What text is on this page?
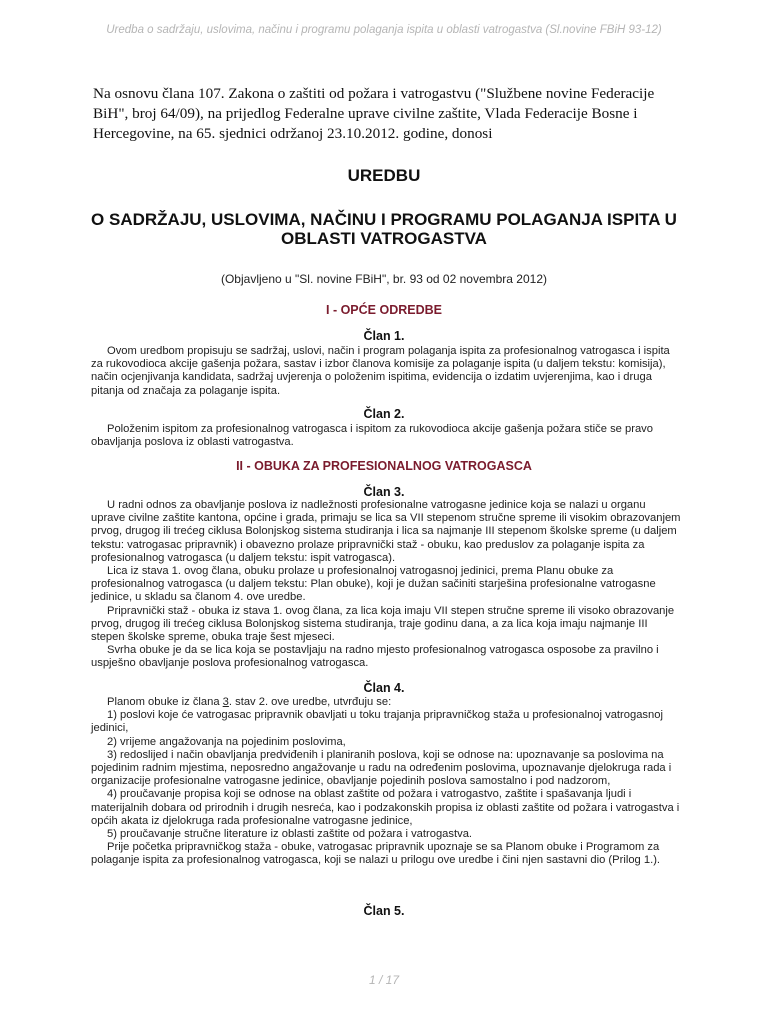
Uredba o sadržaju, uslovima, načinu i programu polaganja ispita u oblasti vatrogastva (Sl.novine FBiH 93-12)
Na osnovu člana 107. Zakona o zaštiti od požara i vatrogastvu ("Službene novine Federacije BiH", broj 64/09), na prijedlog Federalne uprave civilne zaštite, Vlada Federacije Bosne i Hercegovine, na 65. sjednici održanoj 23.10.2012. godine, donosi
UREDBU
O SADRŽAJU, USLOVIMA, NAČINU I PROGRAMU POLAGANJA ISPITA U OBLASTI VATROGASTVA
(Objavljeno u "Sl. novine FBiH", br. 93 od 02 novembra 2012)
I - OPĆE ODREDBE
Član 1.

Ovom uredbom propisuju se sadržaj, uslovi, način i program polaganja ispita za profesionalnog vatrogasca i ispita za rukovodioca akcije gašenja požara, sastav i izbor članova komisije za polaganje ispita (u daljem tekstu: komisija), način ocjenjivanja kandidata, sadržaj uvjerenja o položenim ispitima, evidencija o izdatim uvjerenjima, kao i druga pitanja od značaja za polaganje ispita.

Član 2.

Položenim ispitom za profesionalnog vatrogasca i ispitom za rukovodioca akcije gašenja požara stiče se pravo obavljanja poslova iz oblasti vatrogastva.

II - OBUKA ZA PROFESIONALNOG VATROGASCA
Član 3.

U radni odnos za obavljanje poslova iz nadležnosti profesionalne vatrogasne jedinice koja se nalazi u organu uprave civilne zaštite kantona, općine i grada, primaju se lica sa VII stepenom stručne spreme ili visokim obrazovanjem prvog, drugog ili trećeg ciklusa Bolonjskog sistema studiranja i lica sa najmanje III stepenom školske spreme (u daljem tekstu: vatrogasac pripravnik) i obavezno prolaze pripravnički staž - obuku, kao preduslov za polaganje ispita za profesionalnog vatrogasca (u daljem tekstu: ispit vatrogasca).

Lica iz stava 1. ovog člana, obuku prolaze u profesionalnoj vatrogasnoj jedinici, prema Planu obuke za profesionalnog vatrogasca (u daljem tekstu: Plan obuke), koji je dužan sačiniti starješina profesionalne vatrogasne jedinice, u skladu sa članom 4. ove uredbe.

Pripravnički staž - obuka iz stava 1. ovog člana, za lica koja imaju VII stepen stručne spreme ili visoko obrazovanje prvog, drugog ili trećeg ciklusa Bolonjskog sistema studiranja, traje godinu dana, a za lica koja imaju najmanje III stepen školske spreme, obuka traje šest mjeseci.

Svrha obuke je da se lica koja se postavljaju na radno mjesto profesionalnog vatrogasca osposobe za pravilno i uspješno obavljanje poslova profesionalnog vatrogasca.

Član 4.

Planom obuke iz člana 3. stav 2. ove uredbe, utvrđuju se:

1) poslovi koje će vatrogasac pripravnik obavljati u toku trajanja pripravničkog staža u profesionalnoj vatrogasnoj jedinici,

2) vrijeme angažovanja na pojedinim poslovima,

3) redoslijed i način obavljanja predviđenih i planiranih poslova, koji se odnose na: upoznavanje sa poslovima na pojedinim radnim mjestima, neposredno angažovanje u radu na određenim poslovima, upoznavanje djelokruga rada i organizacije profesionalne vatrogasne jedinice, obavljanje pojedinih poslova samostalno i pod nadzorom,

4) proučavanje propisa koji se odnose na oblast zaštite od požara i vatrogastvo, zaštite i spašavanja ljudi i materijalnih dobara od prirodnih i drugih nesreća, kao i podzakonskih propisa iz oblasti zaštite od požara i vatrogastva i općih akata iz djelokruga rada profesionalne vatrogasne jedinice,

5) proučavanje stručne literature iz oblasti zaštite od požara i vatrogastva.

Prije početka pripravničkog staža - obuke, vatrogasac pripravnik upoznaje se sa Planom obuke i Programom za polaganje ispita za profesionalnog vatrogasca, koji se nalazi u prilogu ove uredbe i čini njen sastavni dio (Prilog 1.).

Član 5.
1 / 17
